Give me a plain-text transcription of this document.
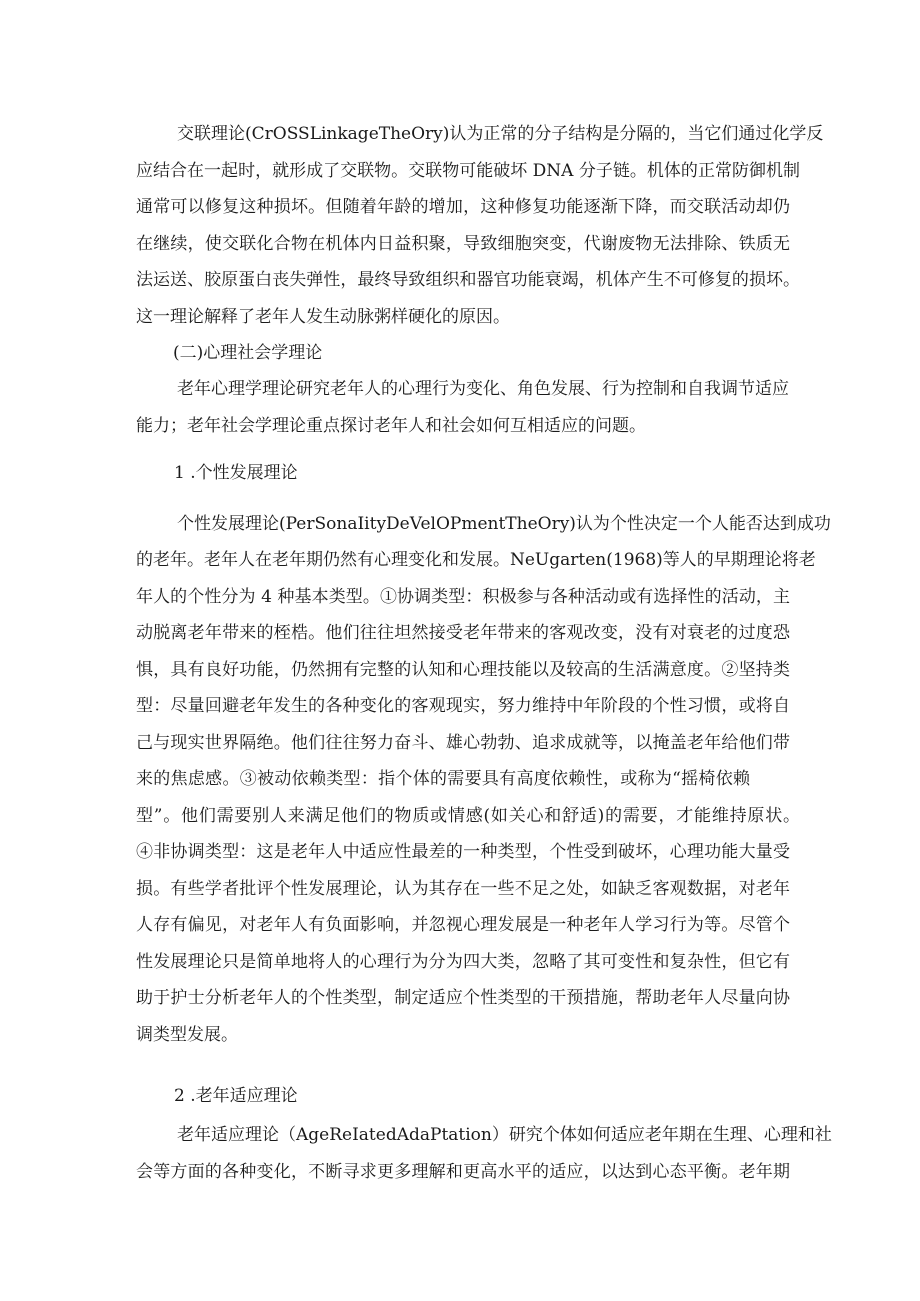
交联理论(CrOSSLinkageTheOry)认为正常的分子结构是分隔的，当它们通过化学反
应结合在一起时，就形成了交联物。交联物可能破坏 DNA 分子链。机体的正常防御机制
通常可以修复这种损坏。但随着年龄的增加，这种修复功能逐渐下降，而交联活动却仍
在继续，使交联化合物在机体内日益积聚，导致细胞突变，代谢废物无法排除、铁质无
法运送、胶原蛋白丧失弹性，最终导致组织和器官功能衰竭，机体产生不可修复的损坏。
这一理论解释了老年人发生动脉粥样硬化的原因。
(二)心理社会学理论
老年心理学理论研究老年人的心理行为变化、角色发展、行为控制和自我调节适应
能力；老年社会学理论重点探讨老年人和社会如何互相适应的问题。
1 .个性发展理论
个性发展理论(PerSonaIityDeVelOPmentTheOry)认为个性决定一个人能否达到成功
的老年。老年人在老年期仍然有心理变化和发展。NeUgarten(1968)等人的早期理论将老
年人的个性分为 4 种基本类型。①协调类型：积极参与各种活动或有选择性的活动，主
动脱离老年带来的桎梏。他们往往坦然接受老年带来的客观改变，没有对衰老的过度恐
惧，具有良好功能，仍然拥有完整的认知和心理技能以及较高的生活满意度。②坚持类
型：尽量回避老年发生的各种变化的客观现实，努力维持中年阶段的个性习惯，或将自
己与现实世界隔绝。他们往往努力奋斗、雄心勃勃、追求成就等，以掩盖老年给他们带
来的焦虑感。③被动依赖类型：指个体的需要具有高度依赖性，或称为“摇椅依赖
型”。他们需要别人来满足他们的物质或情感(如关心和舒适)的需要，才能维持原状。
④非协调类型：这是老年人中适应性最差的一种类型，个性受到破坏，心理功能大量受
损。有些学者批评个性发展理论，认为其存在一些不足之处，如缺乏客观数据，对老年
人存有偏见，对老年人有负面影响，并忽视心理发展是一种老年人学习行为等。尽管个
性发展理论只是简单地将人的心理行为分为四大类，忽略了其可变性和复杂性，但它有
助于护士分析老年人的个性类型，制定适应个性类型的干预措施，帮助老年人尽量向协
调类型发展。
2 .老年适应理论
老年适应理论（AgeReIatedAdaPtation）研究个体如何适应老年期在生理、心理和社
会等方面的各种变化，不断寻求更多理解和更高水平的适应，以达到心态平衡。老年期
